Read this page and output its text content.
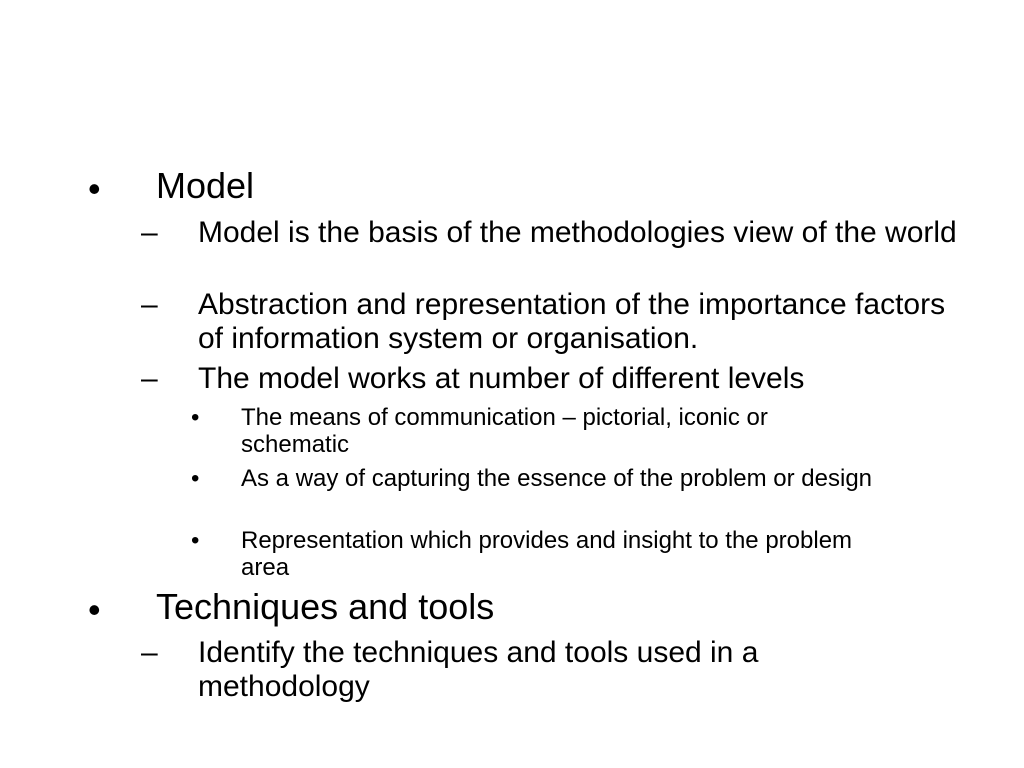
• Model
– Model is the basis of the methodologies view of the world
– Abstraction and representation of the importance factors of information system or organisation.
– The model works at number of different levels
• The means of communication – pictorial, iconic or schematic
• As a way of capturing the essence of the problem or design
• Representation which provides and insight to the problem area
• Techniques and tools
– Identify the techniques and tools used in a methodology
